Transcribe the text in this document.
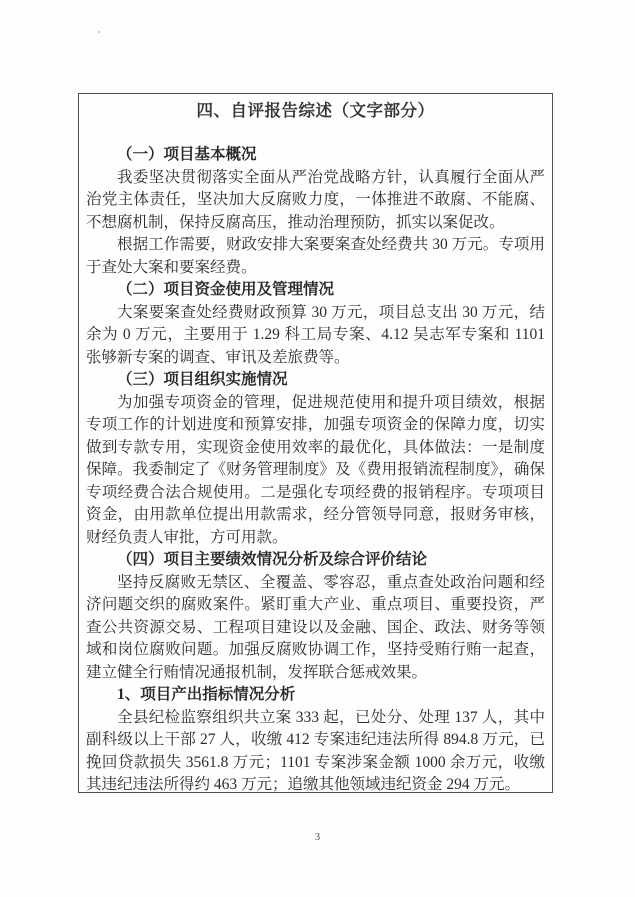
四、自评报告综述（文字部分）
（一）项目基本概况

我委坚决贯彻落实全面从严治党战略方针，认真履行全面从严治党主体责任，坚决加大反腐败力度，一体推进不敢腐、不能腐、不想腐机制，保持反腐高压，推动治理预防，抓实以案促改。

根据工作需要，财政安排大案要案查处经费共 30 万元。专项用于查处大案和要案经费。

（二）项目资金使用及管理情况

大案要案查处经费财政预算 30 万元，项目总支出 30 万元，结余为 0 万元，主要用于 1.29 科工局专案、4.12 吴志军专案和 1101 张够新专案的调查、审讯及差旅费等。

（三）项目组织实施情况

为加强专项资金的管理，促进规范使用和提升项目绩效，根据专项工作的计划进度和预算安排，加强专项资金的保障力度，切实做到专款专用，实现资金使用效率的最优化，具体做法：一是制度保障。我委制定了《财务管理制度》及《费用报销流程制度》，确保专项经费合法合规使用。二是强化专项经费的报销程序。专项项目资金，由用款单位提出用款需求，经分管领导同意，报财务审核，财经负责人审批，方可用款。

（四）项目主要绩效情况分析及综合评价结论

坚持反腐败无禁区、全覆盖、零容忍，重点查处政治问题和经济问题交织的腐败案件。紧盯重大产业、重点项目、重要投资，严查公共资源交易、工程项目建设以及金融、国企、政法、财务等领域和岗位腐败问题。加强反腐败协调工作，坚持受贿行贿一起查，建立健全行贿情况通报机制，发挥联合惩戒效果。

1、项目产出指标情况分析

全县纪检监察组织共立案 333 起，已处分、处理 137 人，其中副科级以上干部 27 人，收缴 412 专案违纪违法所得 894.8 万元，已挽回贷款损失 3561.8 万元；1101 专案涉案金额 1000 余万元，收缴其违纪违法所得约 463 万元；追缴其他领域违纪资金 294 万元。

3
